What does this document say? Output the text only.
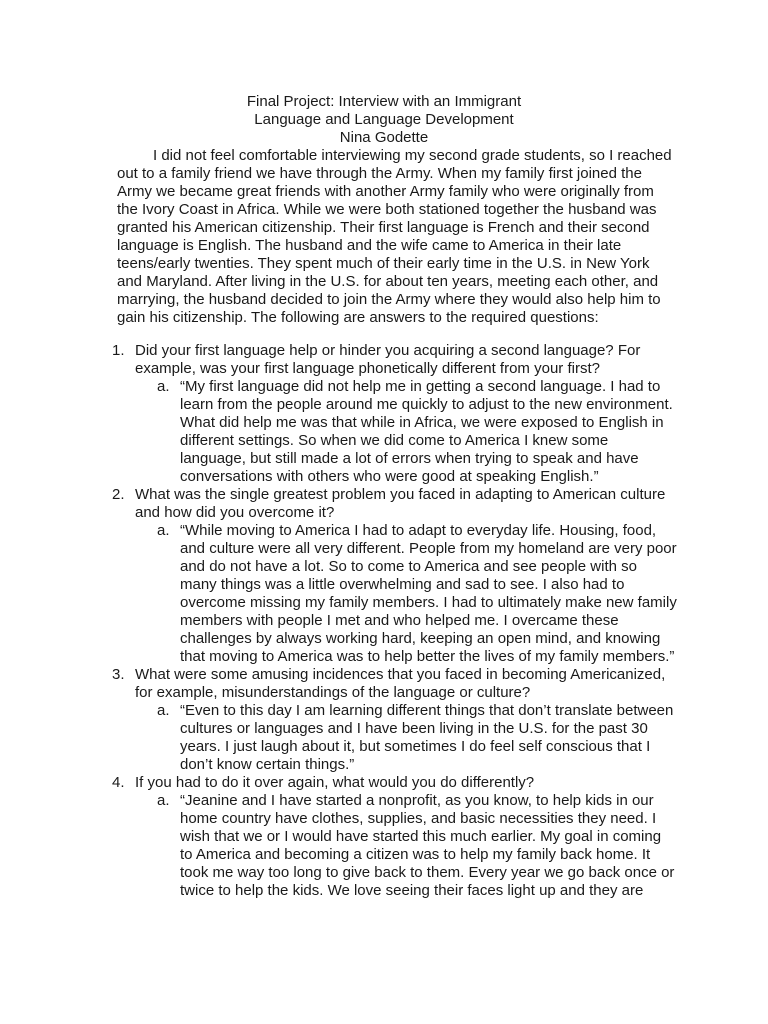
Final Project: Interview with an Immigrant
Language and Language Development
Nina Godette

I did not feel comfortable interviewing my second grade students, so I reached out to a family friend we have through the Army. When my family first joined the Army we became great friends with another Army family who were originally from the Ivory Coast in Africa. While we were both stationed together the husband was granted his American citizenship. Their first language is French and their second language is English. The husband and the wife came to America in their late teens/early twenties. They spent much of their early time in the U.S. in New York and Maryland. After living in the U.S. for about ten years, meeting each other, and marrying, the husband decided to join the Army where they would also help him to gain his citizenship. The following are answers to the required questions:

1. Did your first language help or hinder you acquiring a second language? For example, was your first language phonetically different from your first?
a. “My first language did not help me in getting a second language. I had to learn from the people around me quickly to adjust to the new environment. What did help me was that while in Africa, we were exposed to English in different settings. So when we did come to America I knew some language, but still made a lot of errors when trying to speak and have conversations with others who were good at speaking English.”
2. What was the single greatest problem you faced in adapting to American culture and how did you overcome it?
a. “While moving to America I had to adapt to everyday life. Housing, food, and culture were all very different. People from my homeland are very poor and do not have a lot. So to come to America and see people with so many things was a little overwhelming and sad to see. I also had to overcome missing my family members. I had to ultimately make new family members with people I met and who helped me. I overcame these challenges by always working hard, keeping an open mind, and knowing that moving to America was to help better the lives of my family members.”
3. What were some amusing incidences that you faced in becoming Americanized, for example, misunderstandings of the language or culture?
a. “Even to this day I am learning different things that don’t translate between cultures or languages and I have been living in the U.S. for the past 30 years. I just laugh about it, but sometimes I do feel self conscious that I don’t know certain things.”
4. If you had to do it over again, what would you do differently?
a. “Jeanine and I have started a nonprofit, as you know, to help kids in our home country have clothes, supplies, and basic necessities they need. I wish that we or I would have started this much earlier. My goal in coming to America and becoming a citizen was to help my family back home. It took me way too long to give back to them. Every year we go back once or twice to help the kids. We love seeing their faces light up and they are
